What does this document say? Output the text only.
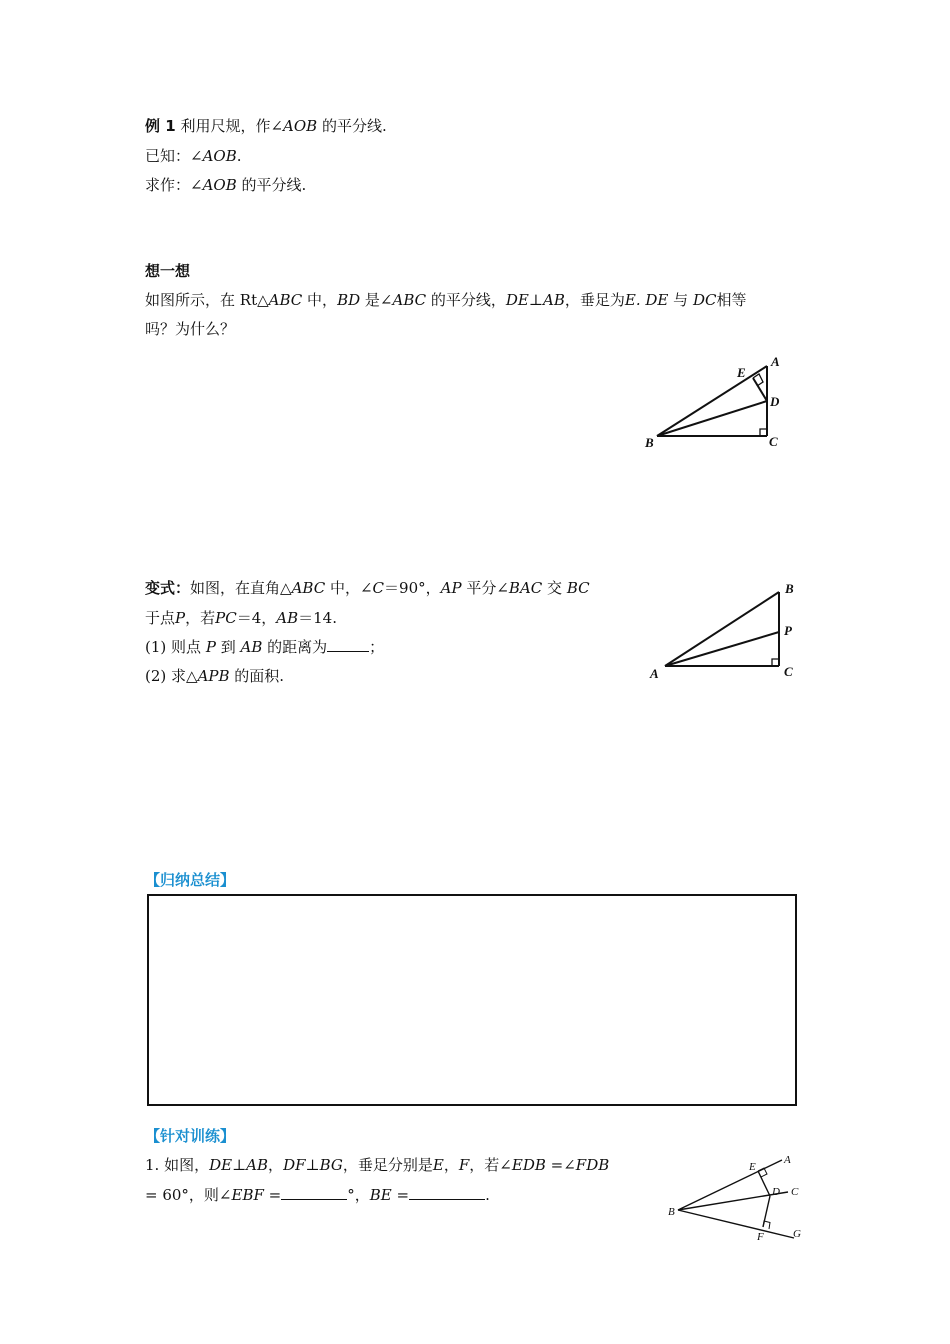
例 1 利用尺规，作∠AOB 的平分线.
已知：∠AOB.
求作：∠AOB 的平分线.
想一想
如图所示，在 Rt△ABC 中，BD 是∠ABC 的平分线，DE⊥AB，垂足为E. DE 与 DC相等
吗？为什么？
A
B	C
D
E
变式：如图，在直角△ABC 中，∠C＝90°，AP 平分∠BAC 交 BC
于点P，若PC＝4，AB＝14.
(1) 则点 P 到 AB 的距离为	；
(2) 求△APB 的面积.	A
B
C
P
【归纳总结】
【针对训练】
1. 如图，DE⊥AB，DF⊥BG，垂足分别是E，F，若∠EDB =∠FDB
= 60°，则∠EBF =	°，BE =	.
A
B
C
D
E
F	G
